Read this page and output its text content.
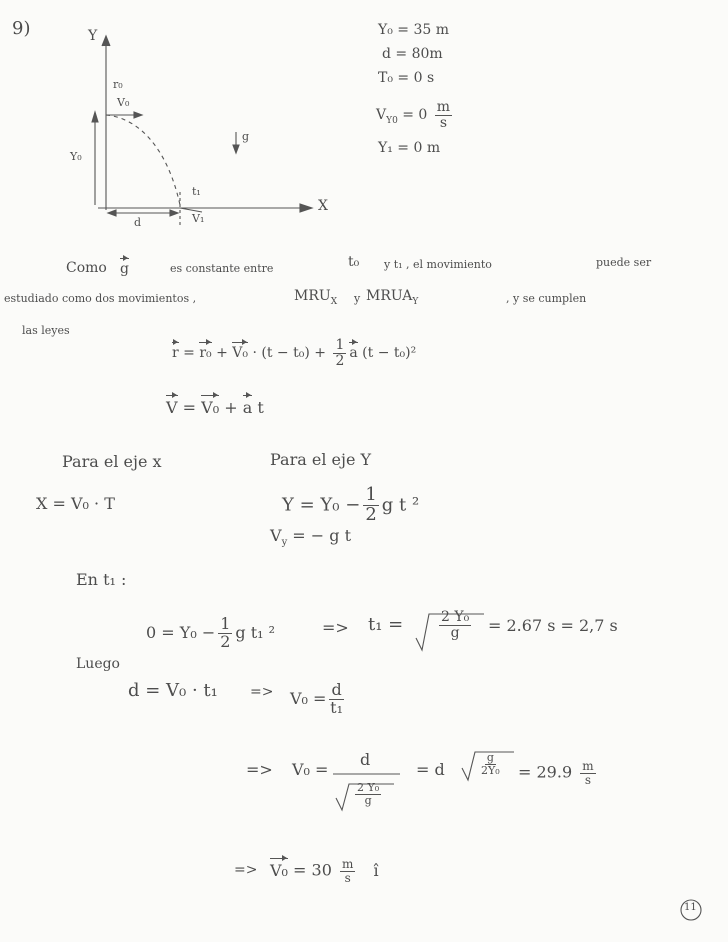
9)	Y
X
r₀
V₀
Y₀
g
t₁
d	V₁
Y₀ = 35 m
d = 80m
T₀ = 0 s
$V_{Y0} = 0 \frac{m}{s}$
Y₁ = 0 m
Como g	es constante entre	t₀ y t₁ , el movimiento	puede ser
estudiado como dos movimientos ,	$MRU_X$ y $MRUA_Y$	, y se cumplen
las leyes
$r = r_0 + V_0 \cdot (t - t_0) + \frac{1}{2}$ a (t − t₀)²
V = V₀ + a t
Para el eje x	Para el eje Y
X = V₀ · T	$Y = Y_0 - \frac{1}{2}$ g t ²
$V_y$ = − g t
En t₁ :
$0 = Y_0 - \frac{1}{2}$ g t₁ ²	=> t₁ =	$\frac{\text{2 Y₀}}{g} = 2.67$ s = 2,7 s
Luego
$d = V_0 \cdot t_1 => V_0 = \frac{d}{\text{t₁}}$
=> V₀ =
d
$\frac{\text{2 Y₀}}{g}$
= d	$\frac{g}{\text{2Y₀}} = 29.9 \frac{m}{s}$
=> $V_0 = 30 \frac{m}{s}$ î
11
